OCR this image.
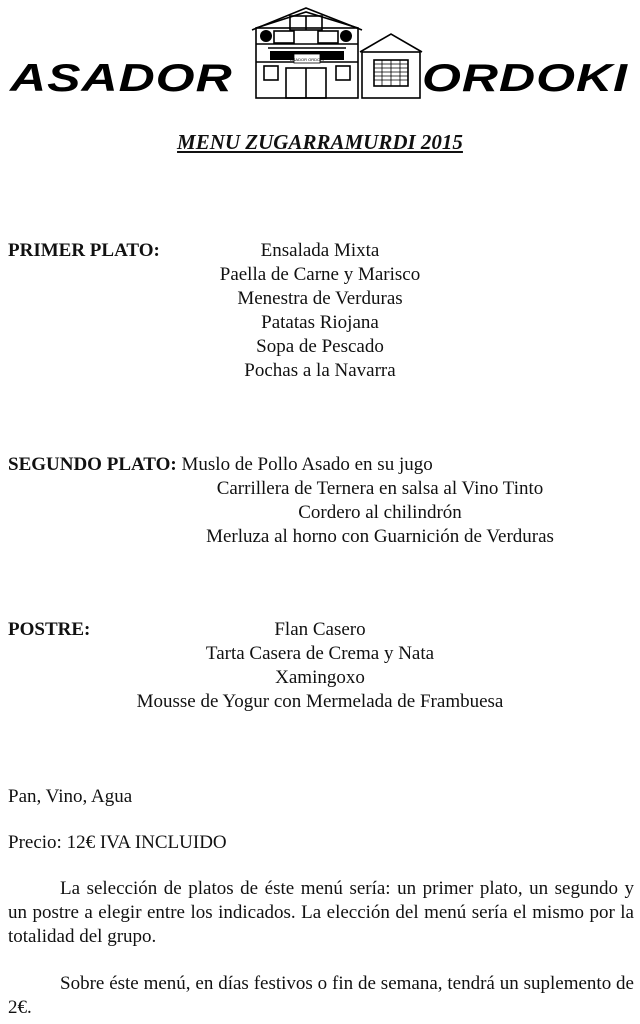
ASADOR	ASADOR ORDOKI ORDOKI
MENU ZUGARRAMURDI 2015
PRIMER PLATO:	Ensalada Mixta
Paella de Carne y Marisco
Menestra de Verduras
Patatas Riojana
Sopa de Pescado
Pochas a la Navarra
SEGUNDO PLATO: Muslo de Pollo Asado en su jugo
Carrillera de Ternera en salsa al Vino Tinto
Cordero al chilindrón
Merluza al horno con Guarnición de Verduras
POSTRE:	Flan Casero
Tarta Casera de Crema y Nata
Xamingoxo
Mousse de Yogur con Mermelada de Frambuesa
Pan, Vino, Agua
Precio: 12€ IVA INCLUIDO
La selección de platos de éste menú sería: un primer plato, un segundo y un postre a elegir entre los indicados. La elección del menú sería el mismo por la totalidad del grupo.
Sobre éste menú, en días festivos o fin de semana, tendrá un suplemento de 2€.
